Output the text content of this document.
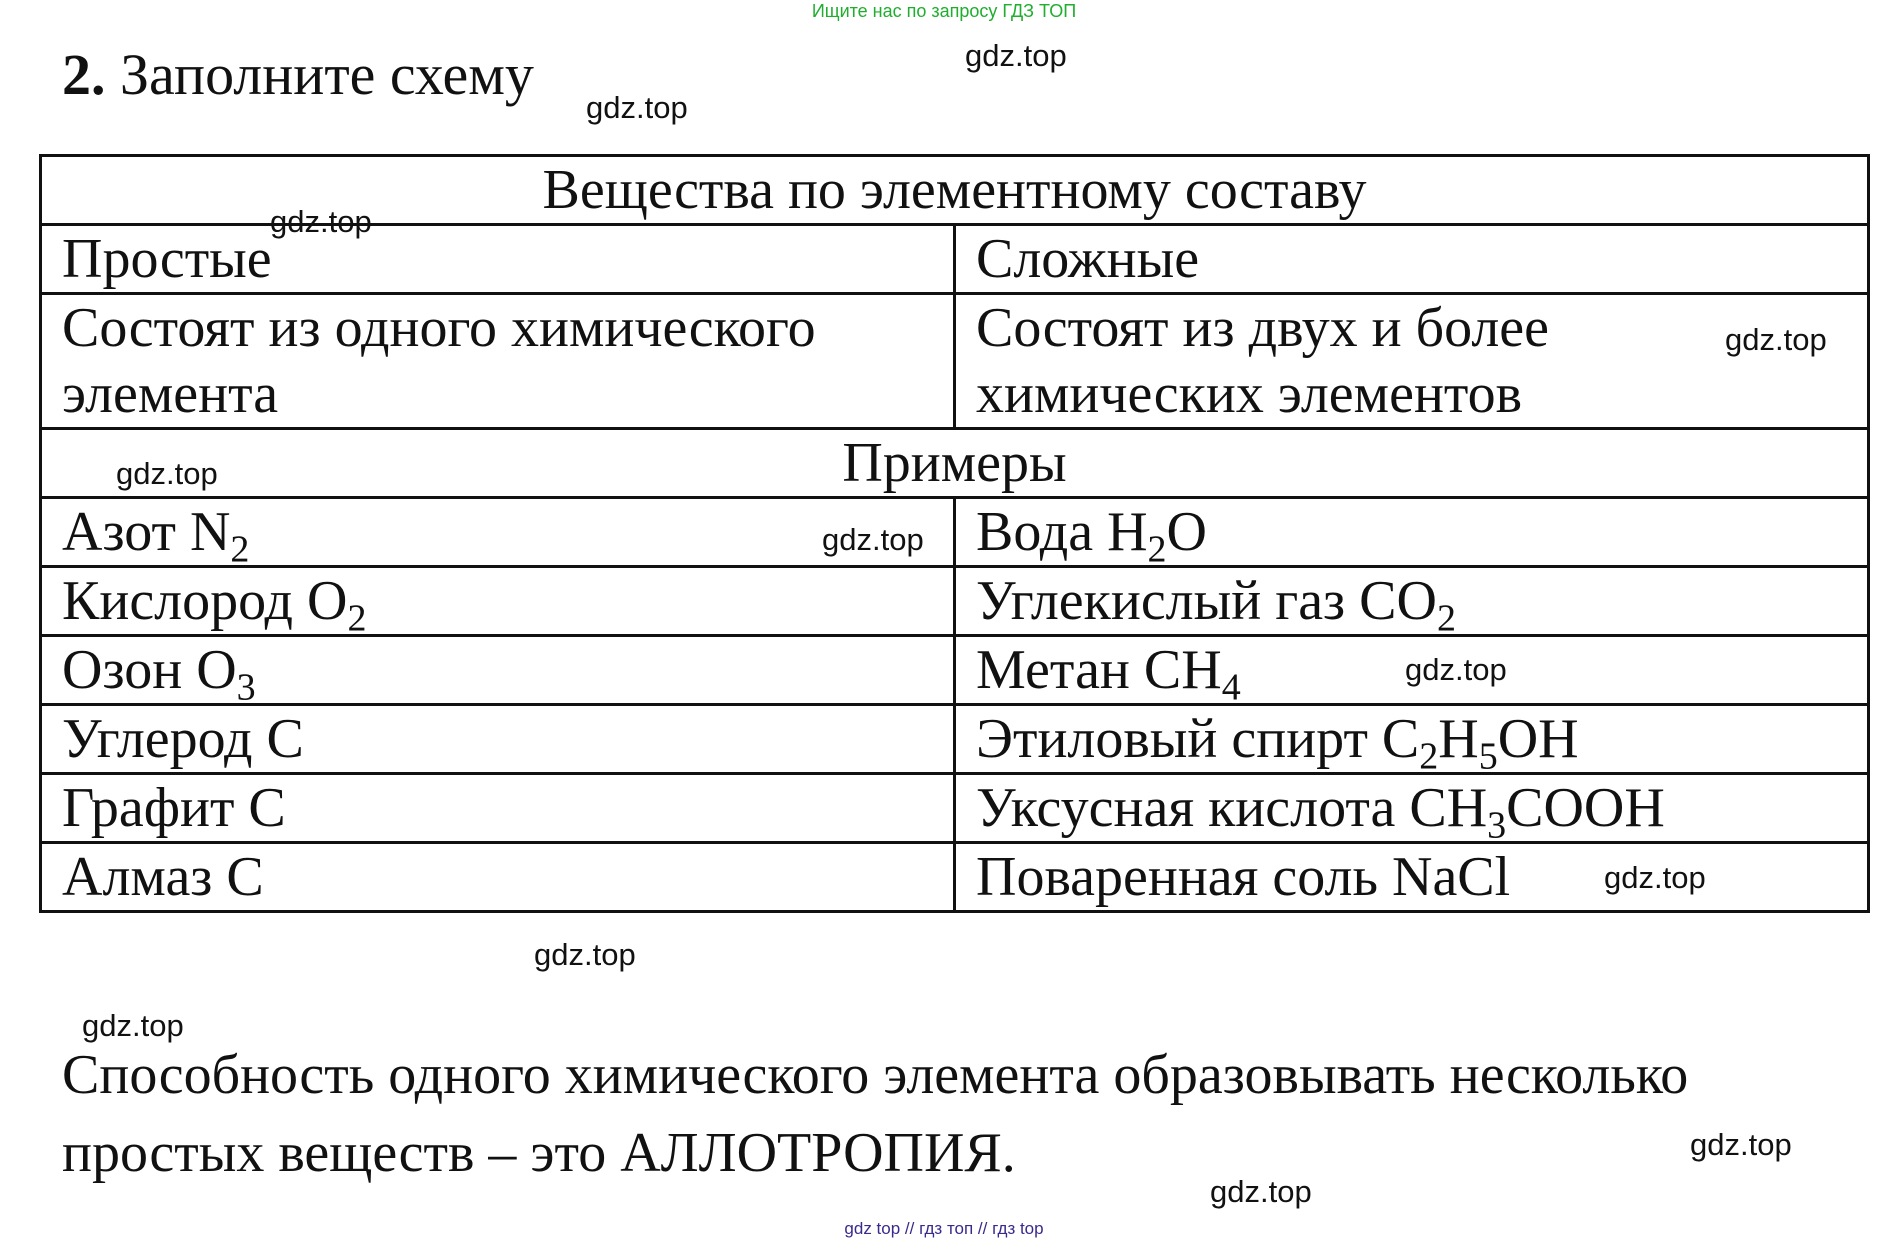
Ищите нас по запросу ГДЗ ТОП
2. Заполните схему
Вещества по элементному составу	
Простые	Сложные
Состоят из одного химического элемента	Состоят из двух и более химических элементов
Примеры	
Азот $N_2$	Вода $H_2O$
Кислород $O_2$	Углекислый газ $CO_2$
Озон $O_3$	Метан $CH_4$
Углерод C	Этиловый спирт $C_2H_5OH$
Графит C	Уксусная кислота $CH_3COOH$
Алмаз C	Поваренная соль NaCl
Способность одного химического элемента образовывать несколько простых веществ – это АЛЛОТРОПИЯ.
gdz.top
gdz.top
gdz.top
gdz.top
gdz.top
gdz.top
gdz.top
gdz.top
gdz.top
gdz.top
gdz.top
gdz.top
gdz top // гдз топ // гдз top
